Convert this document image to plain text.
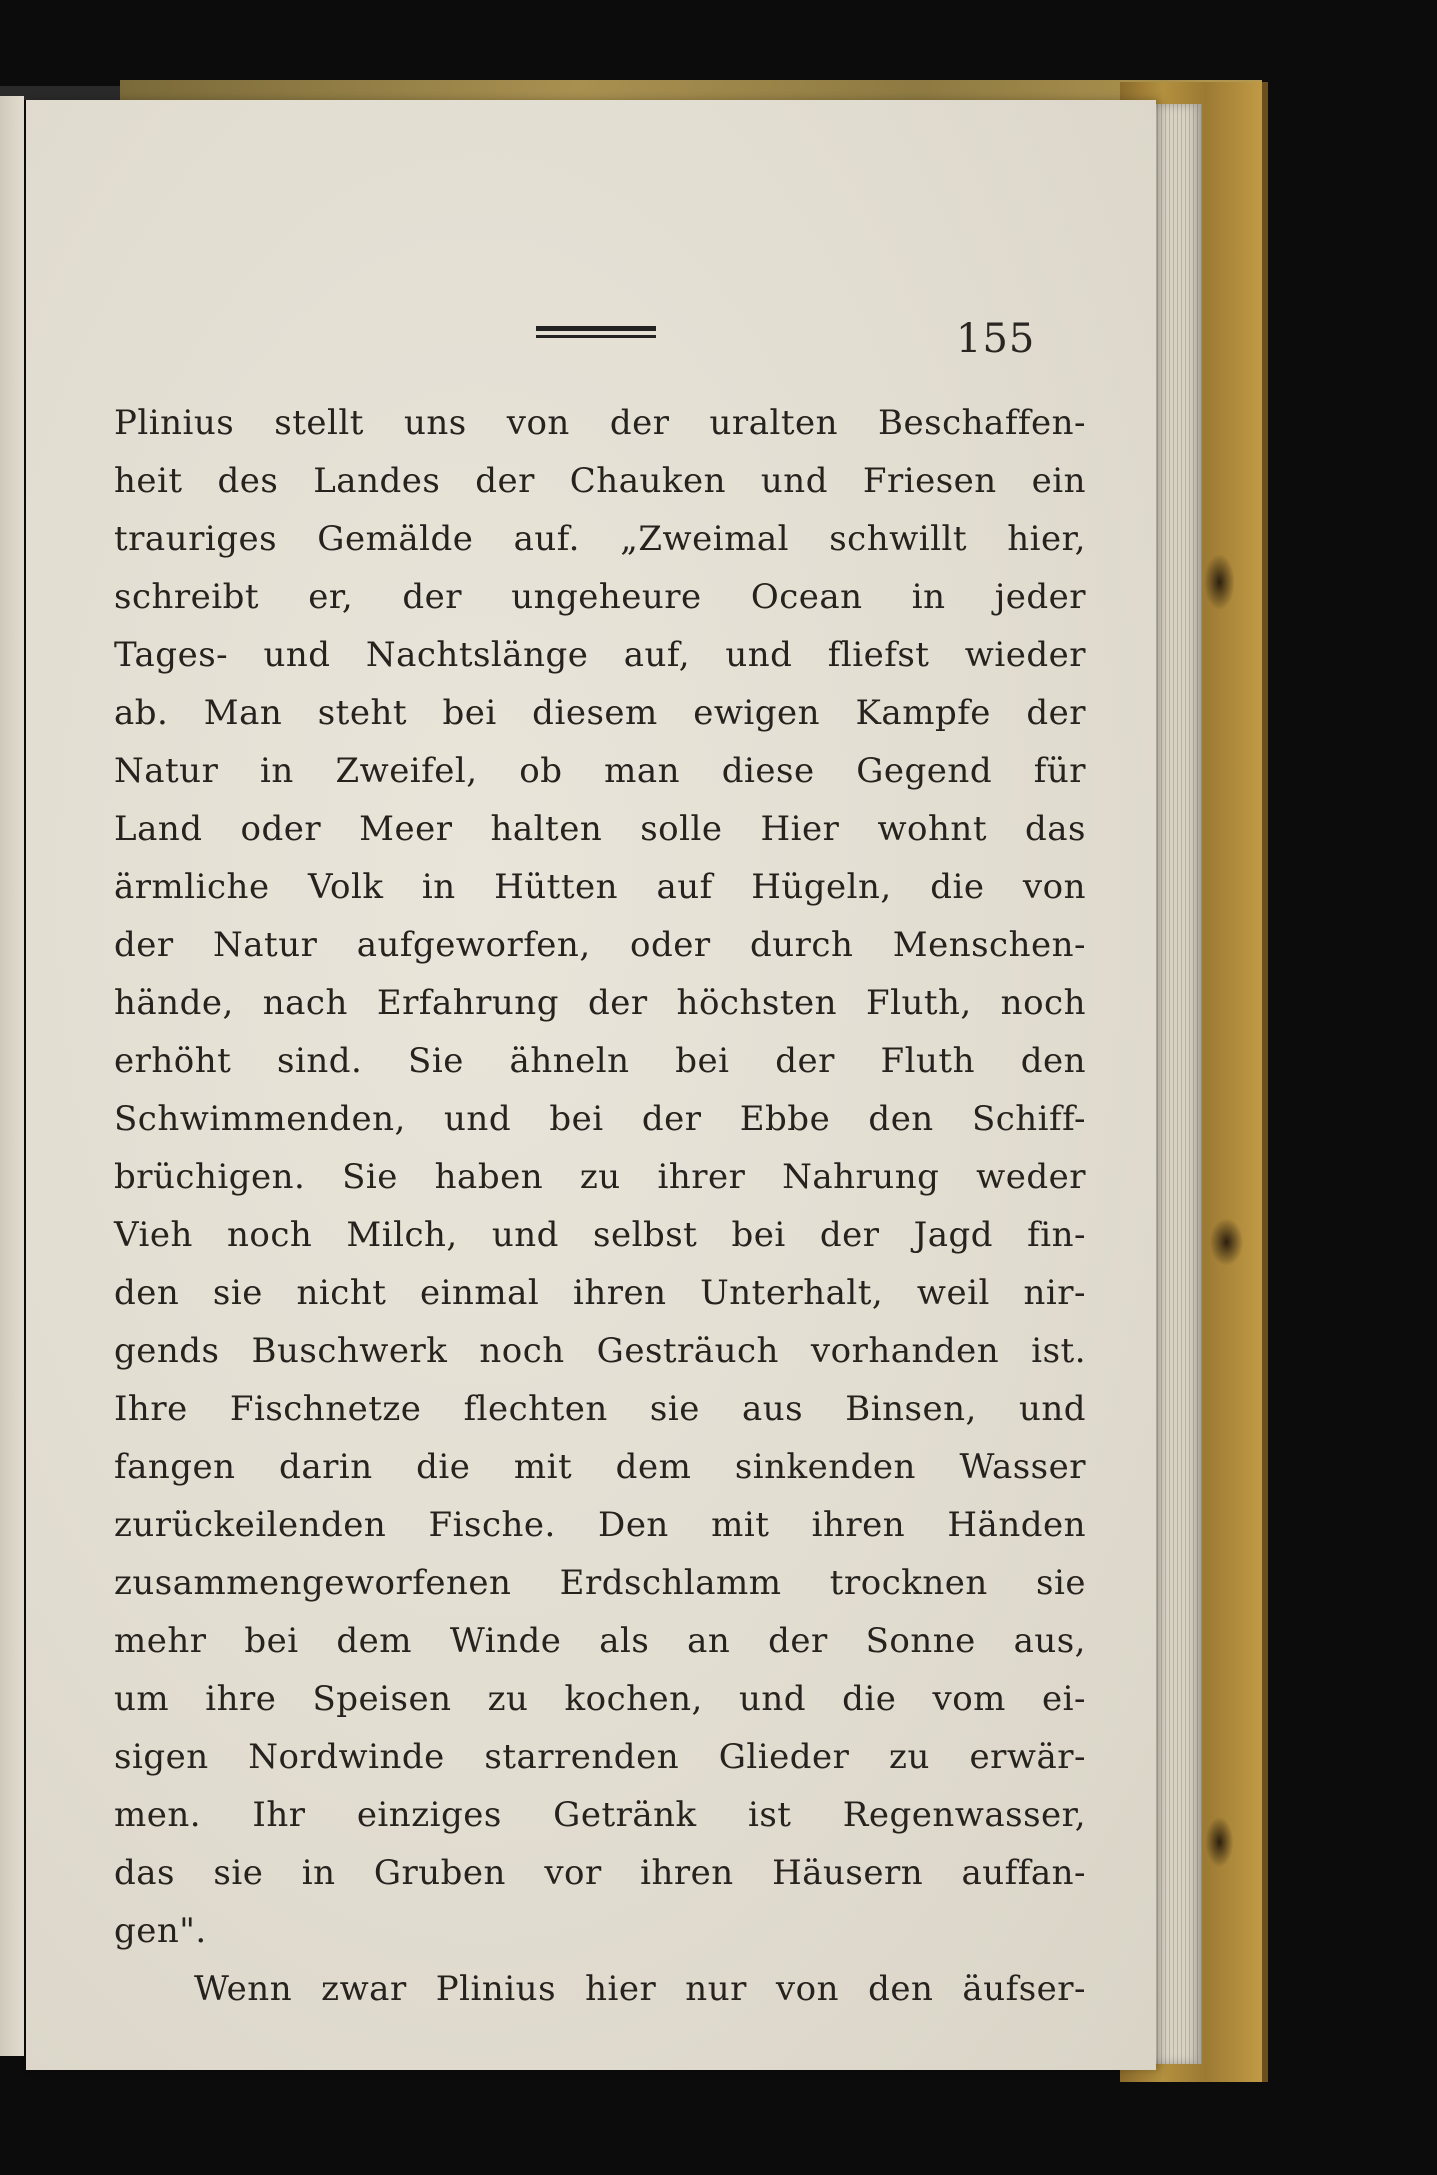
155
Plinius stellt uns von der uralten Beschaffen-
heit des Landes der Chauken und Friesen ein
trauriges Gemälde auf. „Zweimal schwillt hier,
schreibt er, der ungeheure Ocean in jeder
Tages- und Nachtslänge auf, und fliefst wieder
ab. Man steht bei diesem ewigen Kampfe der
Natur in Zweifel, ob man diese Gegend für
Land oder Meer halten solle Hier wohnt das
ärmliche Volk in Hütten auf Hügeln, die von
der Natur aufgeworfen, oder durch Menschen-
hände, nach Erfahrung der höchsten Fluth, noch
erhöht sind. Sie ähneln bei der Fluth den
Schwimmenden, und bei der Ebbe den Schiff-
brüchigen. Sie haben zu ihrer Nahrung weder
Vieh noch Milch, und selbst bei der Jagd fin-
den sie nicht einmal ihren Unterhalt, weil nir-
gends Buschwerk noch Gesträuch vorhanden ist.
Ihre Fischnetze flechten sie aus Binsen, und
fangen darin die mit dem sinkenden Wasser
zurückeilenden Fische. Den mit ihren Händen
zusammengeworfenen Erdschlamm trocknen sie
mehr bei dem Winde als an der Sonne aus,
um ihre Speisen zu kochen, und die vom ei-
sigen Nordwinde starrenden Glieder zu erwär-
men. Ihr einziges Getränk ist Regenwasser,
das sie in Gruben vor ihren Häusern auffan-
gen".
Wenn zwar Plinius hier nur von den äufser-
